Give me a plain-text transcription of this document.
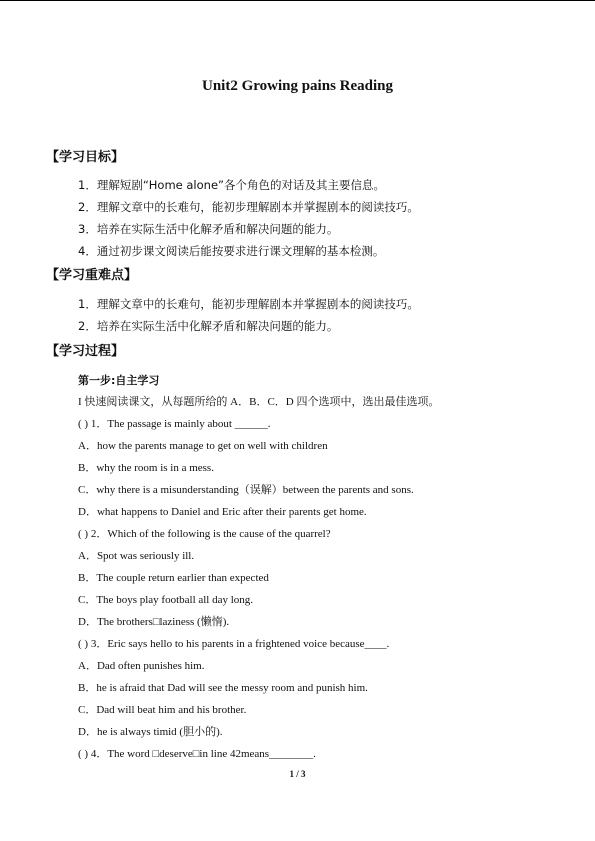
Unit2 Growing pains Reading
【学习目标】
1．理解短剧“Home alone”各个角色的对话及其主要信息。
2．理解文章中的长难句，能初步理解剧本并掌握剧本的阅读技巧。
3．培养在实际生活中化解矛盾和解决问题的能力。
4．通过初步课文阅读后能按要求进行课文理解的基本检测。
【学习重难点】
1．理解文章中的长难句，能初步理解剧本并掌握剧本的阅读技巧。
2．培养在实际生活中化解矛盾和解决问题的能力。
【学习过程】
第一步:自主学习
I 快速阅读课文，从每题所给的 A．B．C．D 四个选项中，选出最佳选项。
( ) 1．The passage is mainly about ______.
A．how the parents manage to get on well with children
B．why the room is in a mess.
C．why there is a misunderstanding（误解）between the parents and sons.
D．what happens to Daniel and Eric after their parents get home.
( ) 2．Which of the following is the cause of the quarrel?
A．Spot was seriously ill.
B．The couple return earlier than expected
C．The boys play football all day long.
D．The brothers□laziness (懒惰).
( ) 3．Eric says hello to his parents in a frightened voice because____.
A．Dad often punishes him.
B．he is afraid that Dad will see the messy room and punish him.
C．Dad will beat him and his brother.
D．he is always timid (胆小的).
( ) 4．The word □deserve□in line 42means________.
1 / 3
